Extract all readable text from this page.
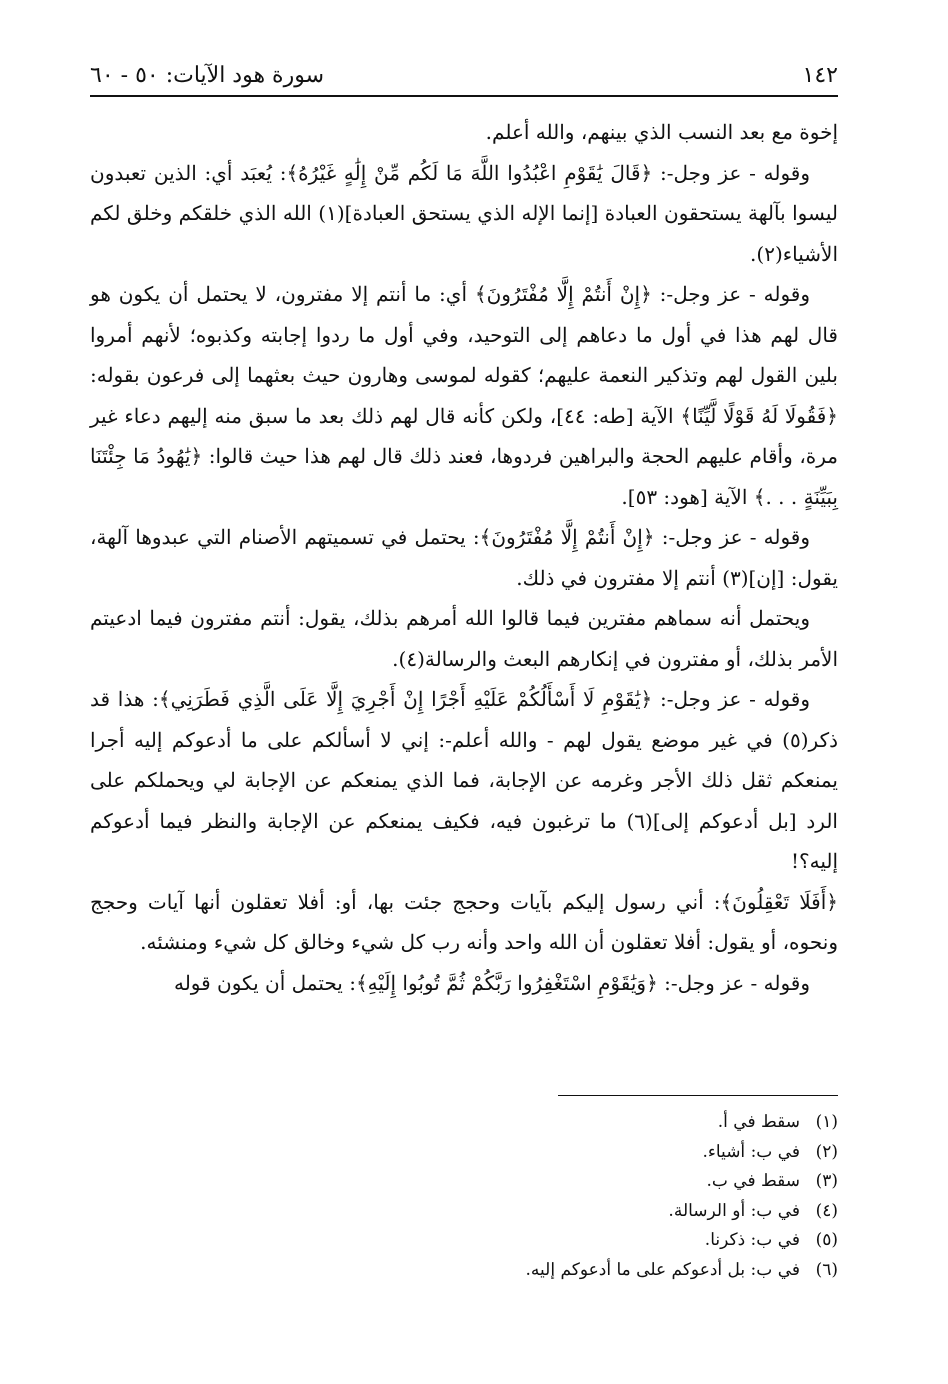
١٤٢
سورة هود الآيات: ٥٠ - ٦٠

إخوة مع بعد النسب الذي بينهم، والله أعلم.

وقوله - عز وجل-: ﴿قَالَ يَٰقَوْمِ اعْبُدُوا اللَّهَ مَا لَكُم مِّنْ إِلَٰهٍ غَيْرُهُ﴾: يُعبَد أي: الذين تعبدون ليسوا بآلهة يستحقون العبادة [إنما الإله الذي يستحق العبادة](١) الله الذي خلقكم وخلق لكم الأشياء(٢).

وقوله - عز وجل-: ﴿إِنْ أَنتُمْ إِلَّا مُفْتَرُونَ﴾ أي: ما أنتم إلا مفترون، لا يحتمل أن يكون هو قال لهم هذا في أول ما دعاهم إلى التوحيد، وفي أول ما ردوا إجابته وكذبوه؛ لأنهم أمروا بلين القول لهم وتذكير النعمة عليهم؛ كقوله لموسى وهارون حيث بعثهما إلى فرعون بقوله: ﴿فَقُولَا لَهُ قَوْلًا لَّيِّنًا﴾ الآية [طه: ٤٤]، ولكن كأنه قال لهم ذلك بعد ما سبق منه إليهم دعاء غير مرة، وأقام عليهم الحجة والبراهين فردوها، فعند ذلك قال لهم هذا حيث قالوا: ﴿يَٰهُودُ مَا جِئْتَنَا بِبَيِّنَةٍ . . .﴾ الآية [هود: ٥٣].

وقوله - عز وجل-: ﴿إِنْ أَنتُمْ إِلَّا مُفْتَرُونَ﴾: يحتمل في تسميتهم الأصنام التي عبدوها آلهة، يقول: [إن](٣) أنتم إلا مفترون في ذلك.

ويحتمل أنه سماهم مفترين فيما قالوا الله أمرهم بذلك، يقول: أنتم مفترون فيما ادعيتم الأمر بذلك، أو مفترون في إنكارهم البعث والرسالة(٤).

وقوله - عز وجل-: ﴿يَٰقَوْمِ لَا أَسْأَلُكُمْ عَلَيْهِ أَجْرًا إِنْ أَجْرِيَ إِلَّا عَلَى الَّذِي فَطَرَنِي﴾: هذا قد ذكر(٥) في غير موضع يقول لهم - والله أعلم-: إني لا أسألكم على ما أدعوكم إليه أجرا يمنعكم ثقل ذلك الأجر وغرمه عن الإجابة، فما الذي يمنعكم عن الإجابة لي ويحملكم على الرد [بل أدعوكم إلى](٦) ما ترغبون فيه، فكيف يمنعكم عن الإجابة والنظر فيما أدعوكم إليه؟!

﴿أَفَلَا تَعْقِلُونَ﴾: أني رسول إليكم بآيات وحجج جئت بها، أو: أفلا تعقلون أنها آيات وحجج ونحوه، أو يقول: أفلا تعقلون أن الله واحد وأنه رب كل شيء وخالق كل شيء ومنشئه.

وقوله - عز وجل-: ﴿وَيَٰقَوْمِ اسْتَغْفِرُوا رَبَّكُمْ ثُمَّ تُوبُوا إِلَيْهِ﴾: يحتمل أن يكون قوله

(١)سقط في أ.
(٢)في ب: أشياء.
(٣)سقط في ب.
(٤)في ب: أو الرسالة.
(٥)في ب: ذكرنا.
(٦)في ب: بل أدعوكم على ما أدعوكم إليه.
